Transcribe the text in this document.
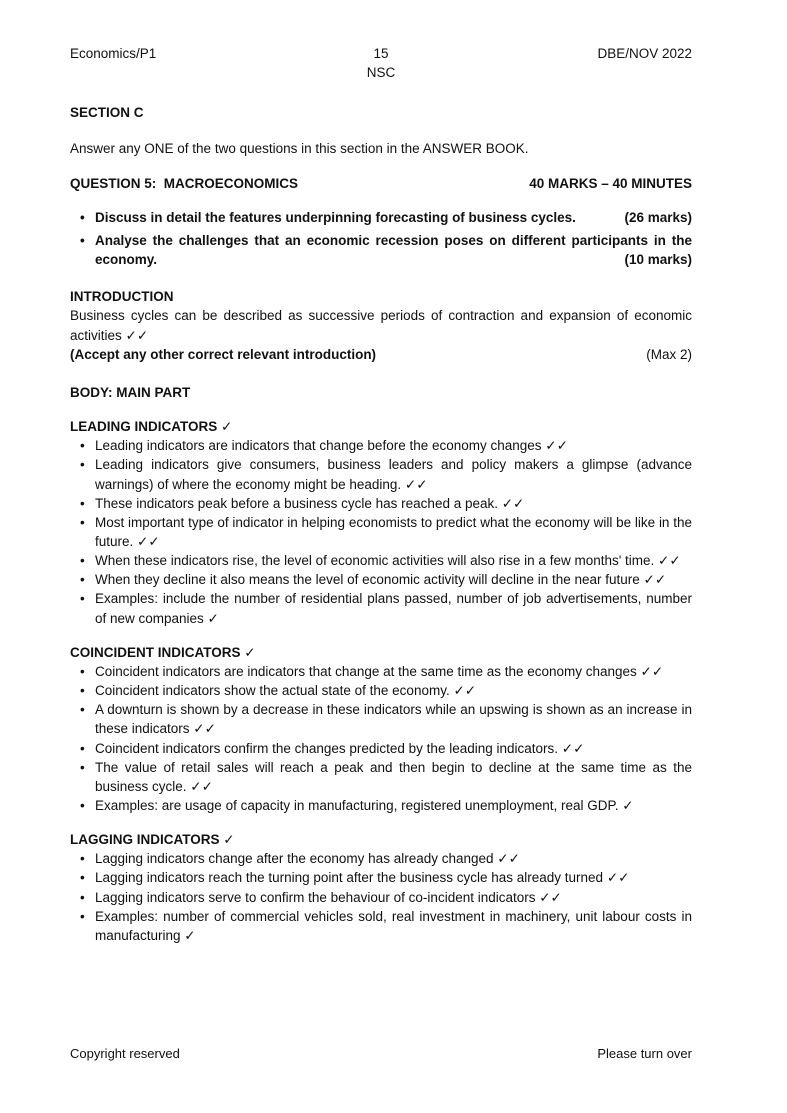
Economics/P1	15
NSC
DBE/NOV 2022
SECTION C
Answer any ONE of the two questions in this section in the ANSWER BOOK.
QUESTION 5:  MACROECONOMICS	40 MARKS – 40 MINUTES
• Discuss in detail the features underpinning forecasting of business cycles.	(26 marks)
• Analyse the challenges that an economic recession poses on different participants in the economy.	(10 marks)
INTRODUCTION
Business cycles can be described as successive periods of contraction and expansion of economic activities ✓✓
(Accept any other correct relevant introduction)	(Max 2)
BODY: MAIN PART
LEADING INDICATORS ✓
• Leading indicators are indicators that change before the economy changes ✓✓
• Leading indicators give consumers, business leaders and policy makers a glimpse (advance warnings) of where the economy might be heading. ✓✓
• These indicators peak before a business cycle has reached a peak. ✓✓
• Most important type of indicator in helping economists to predict what the economy will be like in the future. ✓✓
• When these indicators rise, the level of economic activities will also rise in a few months' time. ✓✓
• When they decline it also means the level of economic activity will decline in the near future ✓✓
• Examples: include the number of residential plans passed, number of job advertisements, number of new companies ✓
COINCIDENT INDICATORS ✓
• Coincident indicators are indicators that change at the same time as the economy changes ✓✓
• Coincident indicators show the actual state of the economy. ✓✓
• A downturn is shown by a decrease in these indicators while an upswing is shown as an increase in these indicators ✓✓
• Coincident indicators confirm the changes predicted by the leading indicators. ✓✓
• The value of retail sales will reach a peak and then begin to decline at the same time as the business cycle. ✓✓
• Examples: are usage of capacity in manufacturing, registered unemployment, real GDP. ✓
LAGGING INDICATORS ✓
• Lagging indicators change after the economy has already changed ✓✓
• Lagging indicators reach the turning point after the business cycle has already turned ✓✓
• Lagging indicators serve to confirm the behaviour of co-incident indicators ✓✓
• Examples: number of commercial vehicles sold, real investment in machinery, unit labour costs in manufacturing ✓
Copyright reserved	Please turn over
